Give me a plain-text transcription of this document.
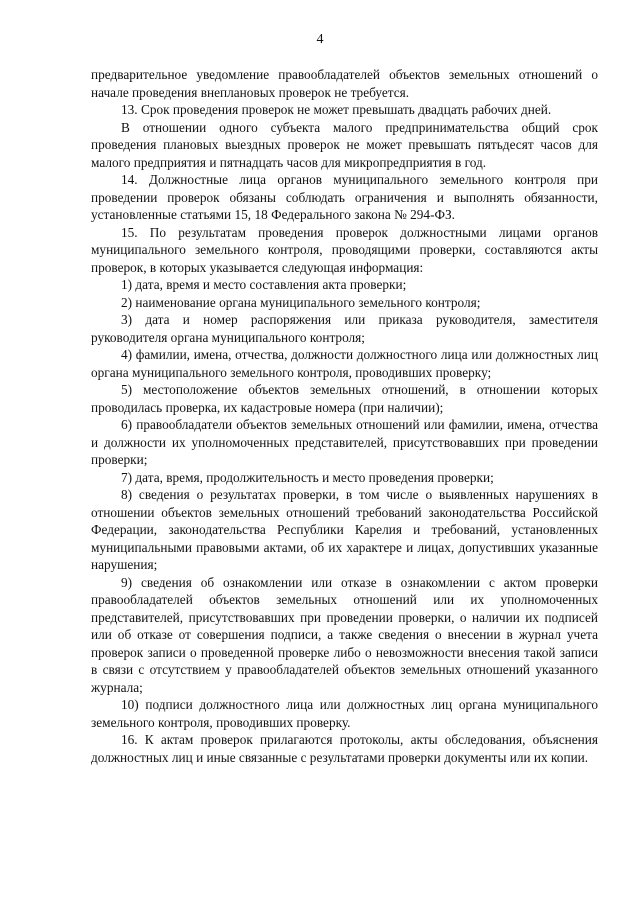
4

предварительное уведомление правообладателей объектов земельных отношений о начале проведения внеплановых проверок не требуется.

13. Срок проведения проверок не может превышать двадцать рабочих дней.

В отношении одного субъекта малого предпринимательства общий срок проведения плановых выездных проверок не может превышать пятьдесят часов для малого предприятия и пятнадцать часов для микропредприятия в год.

14. Должностные лица органов муниципального земельного контроля при проведении проверок обязаны соблюдать ограничения и выполнять обязанности, установленные статьями 15, 18 Федерального закона № 294-ФЗ.

15. По результатам проведения проверок должностными лицами органов муниципального земельного контроля, проводящими проверки, составляются акты проверок, в которых указывается следующая информация:

1) дата, время и место составления акта проверки;

2) наименование органа муниципального земельного контроля;

3) дата и номер распоряжения или приказа руководителя, заместителя руководителя органа муниципального контроля;

4) фамилии, имена, отчества, должности должностного лица или должностных лиц органа муниципального земельного контроля, проводивших проверку;

5) местоположение объектов земельных отношений, в отношении которых проводилась проверка, их кадастровые номера (при наличии);

6) правообладатели объектов земельных отношений или фамилии, имена, отчества и должности их уполномоченных представителей, присутствовавших при проведении проверки;

7) дата, время, продолжительность и место проведения проверки;

8) сведения о результатах проверки, в том числе о выявленных нарушениях в отношении объектов земельных отношений требований законодательства Российской Федерации, законодательства Республики Карелия и требований, установленных муниципальными правовыми актами, об их характере и лицах, допустивших указанные нарушения;

9) сведения об ознакомлении или отказе в ознакомлении с актом проверки правообладателей объектов земельных отношений или их уполномоченных представителей, присутствовавших при проведении проверки, о наличии их подписей или об отказе от совершения подписи, а также сведения о внесении в журнал учета проверок записи о проведенной проверке либо о невозможности внесения такой записи в связи с отсутствием у правообладателей объектов земельных отношений указанного журнала;

10) подписи должностного лица или должностных лиц органа муниципального земельного контроля, проводивших проверку.

16. К актам проверок прилагаются протоколы, акты обследования, объяснения должностных лиц и иные связанные с результатами проверки документы или их копии.
